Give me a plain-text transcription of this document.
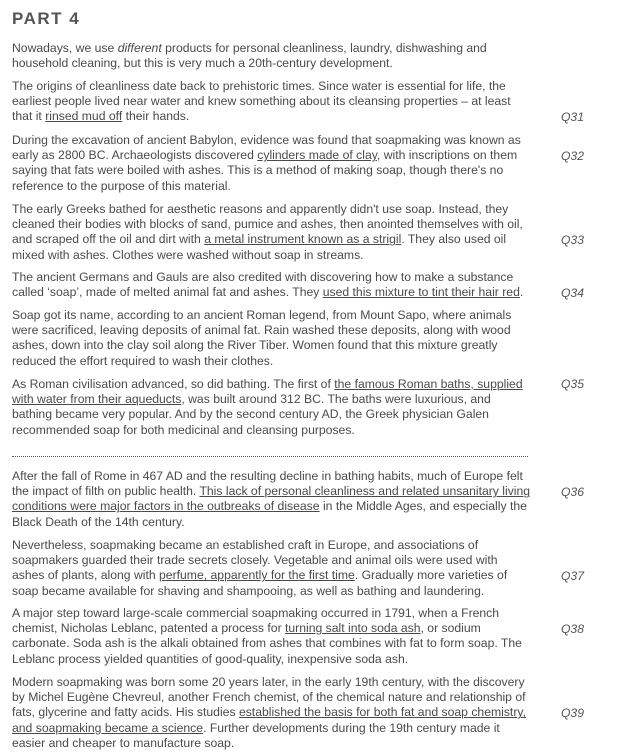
PART 4

Nowadays, we use different products for personal cleanliness, laundry, dishwashing and household cleaning, but this is very much a 20th-century development.

The origins of cleanliness date back to prehistoric times. Since water is essential for life, the earliest people lived near water and knew something about its cleansing properties – at least that it rinsed mud off their hands.	Q31

During the excavation of ancient Babylon, evidence was found that soapmaking was known as early as 2800 BC. Archaeologists discovered cylinders made of clay, with inscriptions on them saying that fats were boiled with ashes. This is a method of making soap, though there's no reference to the purpose of this material.

Q32

The early Greeks bathed for aesthetic reasons and apparently didn't use soap. Instead, they cleaned their bodies with blocks of sand, pumice and ashes, then anointed themselves with oil, and scraped off the oil and dirt with a metal instrument known as a strigil. They also used oil mixed with ashes. Clothes were washed without soap in streams.

Q33

The ancient Germans and Gauls are also credited with discovering how to make a substance called ‘soap’, made of melted animal fat and ashes. They used this mixture to tint their hair red.	Q34

Soap got its name, according to an ancient Roman legend, from Mount Sapo, where animals were sacrificed, leaving deposits of animal fat. Rain washed these deposits, along with wood ashes, down into the clay soil along the River Tiber. Women found that this mixture greatly reduced the effort required to wash their clothes.

As Roman civilisation advanced, so did bathing. The first of the famous Roman baths, supplied with water from their aqueducts, was built around 312 BC. The baths were luxurious, and bathing became very popular. And by the second century AD, the Greek physician Galen recommended soap for both medicinal and cleansing purposes.

Q35

After the fall of Rome in 467 AD and the resulting decline in bathing habits, much of Europe felt the impact of filth on public health. This lack of personal cleanliness and related unsanitary living conditions were major factors in the outbreaks of disease in the Middle Ages, and especially the Black Death of the 14th century.

Q36

Nevertheless, soapmaking became an established craft in Europe, and associations of soapmakers guarded their trade secrets closely. Vegetable and animal oils were used with ashes of plants, along with perfume, apparently for the first time. Gradually more varieties of soap became available for shaving and shampooing, as well as bathing and laundering.

Q37

A major step toward large-scale commercial soapmaking occurred in 1791, when a French chemist, Nicholas Leblanc, patented a process for turning salt into soda ash, or sodium carbonate. Soda ash is the alkali obtained from ashes that combines with fat to form soap. The Leblanc process yielded quantities of good-quality, inexpensive soda ash.

Q38

Modern soapmaking was born some 20 years later, in the early 19th century, with the discovery by Michel Eugène Chevreul, another French chemist, of the chemical nature and relationship of fats, glycerine and fatty acids. His studies established the basis for both fat and soap chemistry, and soapmaking became a science. Further developments during the 19th century made it easier and cheaper to manufacture soap.

Q39
